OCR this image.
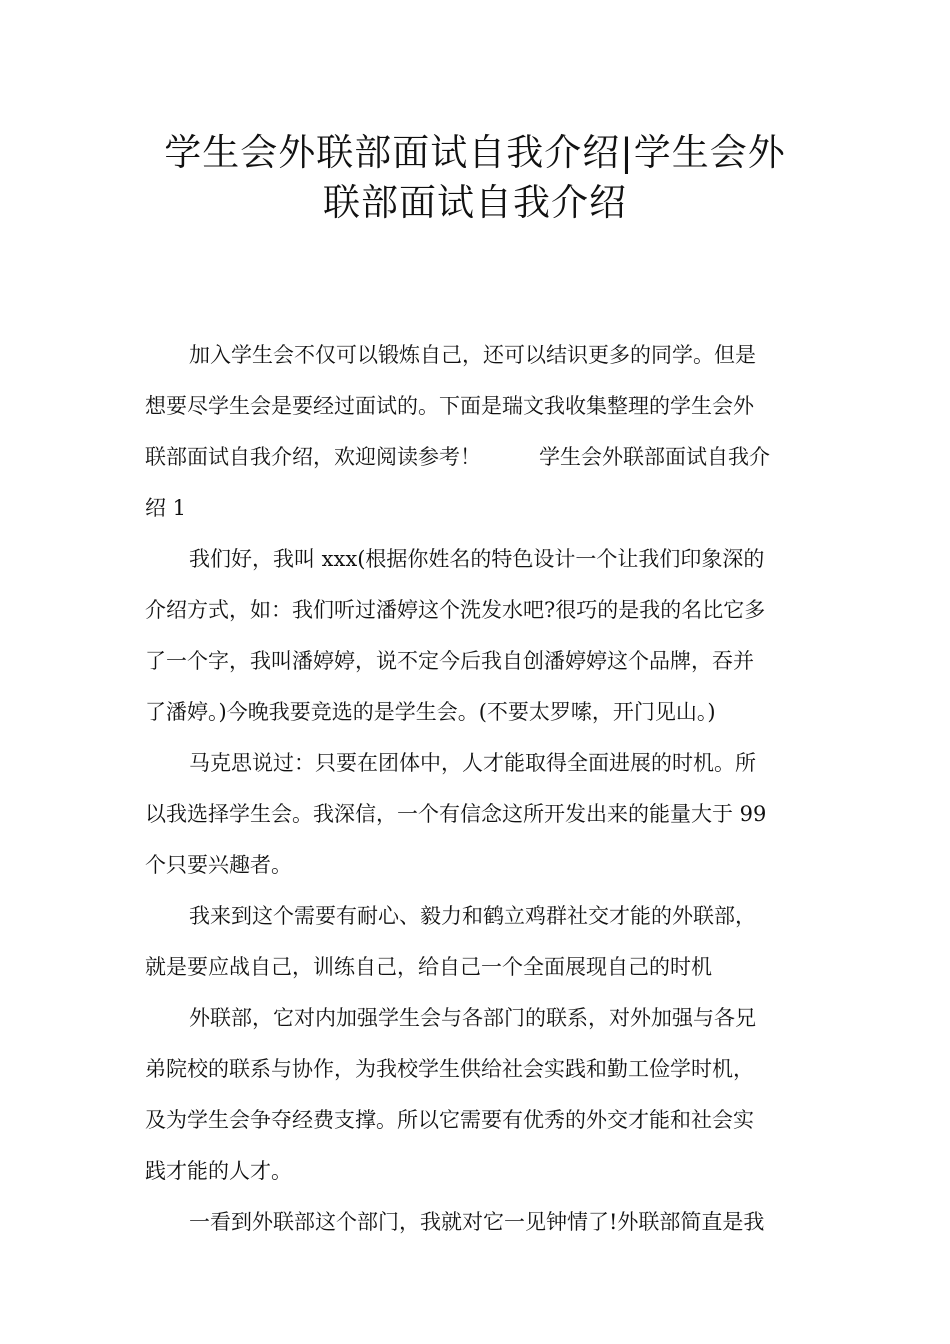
学生会外联部面试自我介绍|学生会外
联部面试自我介绍
加入学生会不仅可以锻炼自己，还可以结识更多的同学。但是
想要尽学生会是要经过面试的。下面是瑞文我收集整理的学生会外
联部面试自我介绍，欢迎阅读参考！	学生会外联部面试自我介
绍 1
我们好，我叫 xxx(根据你姓名的特色设计一个让我们印象深的
介绍方式，如：我们听过潘婷这个洗发水吧?很巧的是我的名比它多
了一个字，我叫潘婷婷，说不定今后我自创潘婷婷这个品牌，吞并
了潘婷。)今晚我要竞选的是学生会。(不要太罗嗦，开门见山。)
马克思说过：只要在团体中，人才能取得全面进展的时机。所
以我选择学生会。我深信，一个有信念这所开发出来的能量大于 99
个只要兴趣者。
我来到这个需要有耐心、毅力和鹤立鸡群社交才能的外联部，
就是要应战自己，训练自己，给自己一个全面展现自己的时机
外联部，它对内加强学生会与各部门的联系，对外加强与各兄
弟院校的联系与协作，为我校学生供给社会实践和勤工俭学时机，
及为学生会争夺经费支撑。所以它需要有优秀的外交才能和社会实
践才能的人才。
一看到外联部这个部门，我就对它一见钟情了!外联部简直是我
